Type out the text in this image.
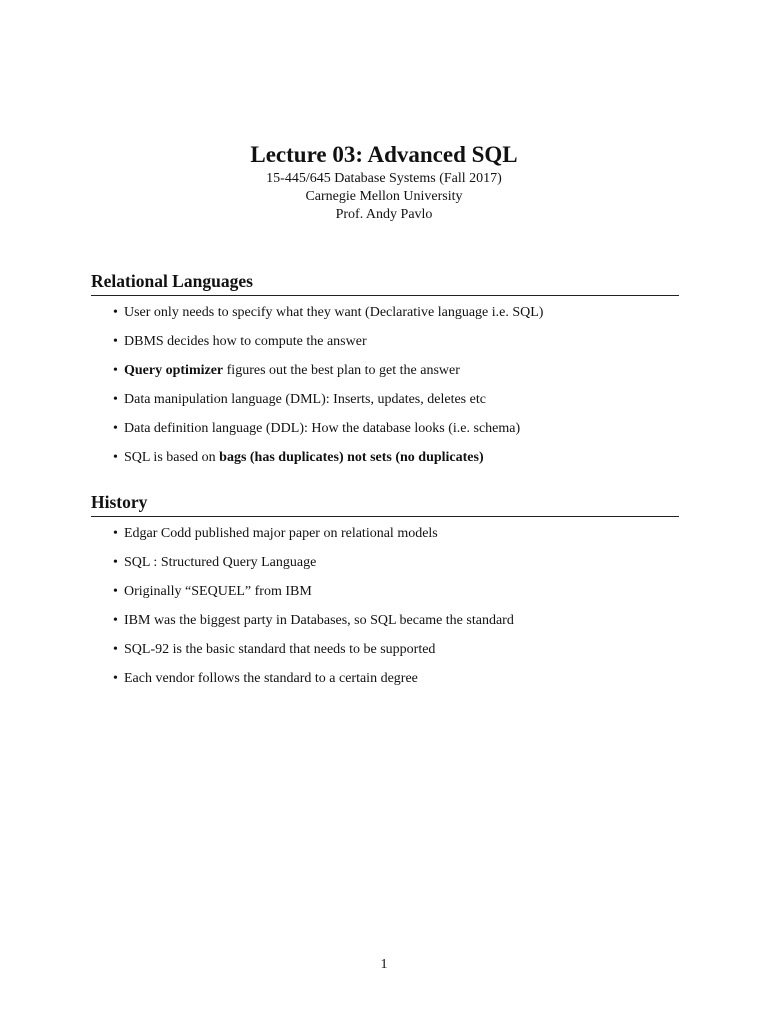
Lecture 03: Advanced SQL

15-445/645 Database Systems (Fall 2017)

Carnegie Mellon University

Prof. Andy Pavlo

Relational Languages
• User only needs to specify what they want (Declarative language i.e. SQL)
• DBMS decides how to compute the answer
• Query optimizer figures out the best plan to get the answer
• Data manipulation language (DML): Inserts, updates, deletes etc
• Data definition language (DDL): How the database looks (i.e. schema)
• SQL is based on bags (has duplicates) not sets (no duplicates)
History
• Edgar Codd published major paper on relational models
• SQL : Structured Query Language
• Originally “SEQUEL” from IBM
• IBM was the biggest party in Databases, so SQL became the standard
• SQL-92 is the basic standard that needs to be supported
• Each vendor follows the standard to a certain degree
1
